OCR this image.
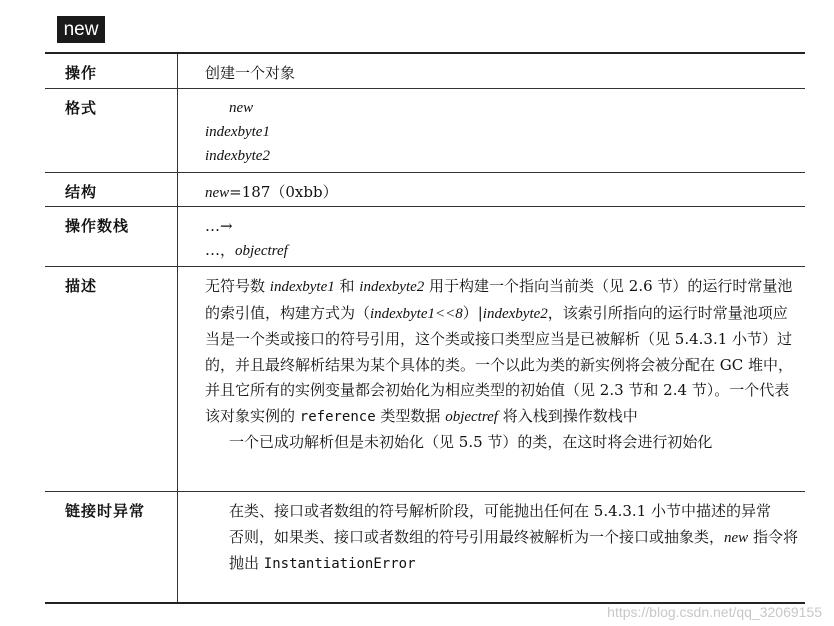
new
操作	创建一个对象
格式	new
indexbyte1
indexbyte2
结构	new=187（0xbb）
操作数栈	…→
…，objectref
描述	无符号数 indexbyte1 和 indexbyte2 用于构建一个指向当前类（见 2.6 节）的运行时常量池的索引值，构建方式为（indexbyte1<<8）|indexbyte2，该索引所指向的运行时常量池项应当是一个类或接口的符号引用，这个类或接口类型应当是已被解析（见 5.4.3.1 小节）过的，并且最终解析结果为某个具体的类。一个以此为类的新实例将会被分配在 GC 堆中，并且它所有的实例变量都会初始化为相应类型的初始值（见 2.3 节和 2.4 节）。一个代表该对象实例的 reference 类型数据 objectref 将入栈到操作数栈中
一个已成功解析但是未初始化（见 5.5 节）的类，在这时将会进行初始化
链接时异常	在类、接口或者数组的符号解析阶段，可能抛出任何在 5.4.3.1 小节中描述的异常
否则，如果类、接口或者数组的符号引用最终被解析为一个接口或抽象类，new 指令将抛出 InstantiationError
https://blog.csdn.net/qq_32069155
